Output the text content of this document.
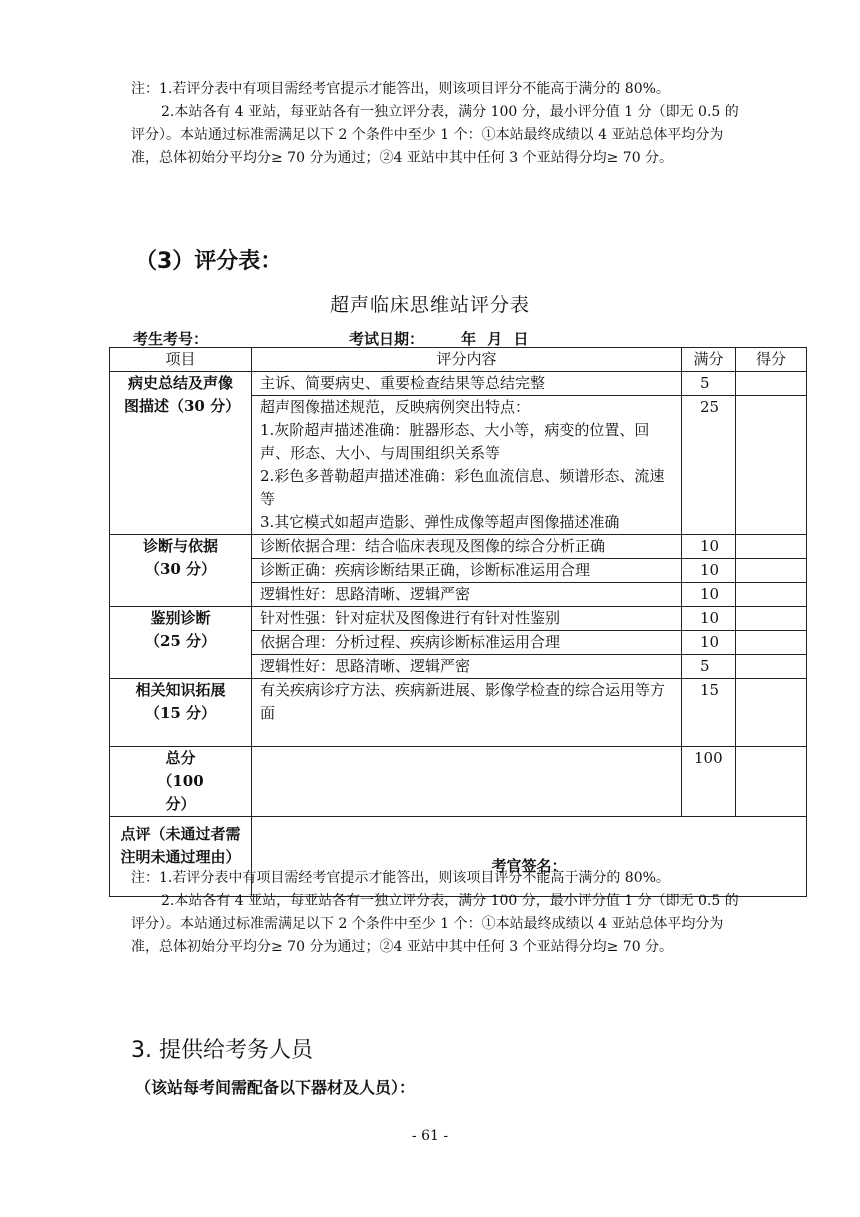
注：1.若评分表中有项目需经考官提示才能答出，则该项目评分不能高于满分的 80%。

2.本站各有 4 亚站，每亚站各有一独立评分表，满分 100 分，最小评分值 1 分（即无 0.5 的评分）。本站通过标准需满足以下 2 个条件中至少 1 个：①本站最终成绩以 4 亚站总体平均分为准，总体初始分平均分≥ 70 分为通过；②4 亚站中其中任何 3 个亚站得分均≥ 70 分。

（3）评分表：
超声临床思维站评分表
考生考号：	考试日期： 年 月 日
项目	评分内容	满分	得分
病史总结及声像图描述（30 分）	主诉、简要病史、重要检查结果等总结完整	5	
	超声图像描述规范，反映病例突出特点：
1.灰阶超声描述准确：脏器形态、大小等，病变的位置、回声、形态、大小、与周围组织关系等
2.彩色多普勒超声描述准确：彩色血流信息、频谱形态、流速等
3.其它模式如超声造影、弹性成像等超声图像描述准确	25	
诊断与依据（30 分）	诊断依据合理：结合临床表现及图像的综合分析正确	10	
	诊断正确：疾病诊断结果正确，诊断标准运用合理	10	
	逻辑性好：思路清晰、逻辑严密	10	
鉴别诊断（25 分）	针对性强：针对症状及图像进行有针对性鉴别	10	
	依据合理：分析过程、疾病诊断标准运用合理	10	
	逻辑性好：思路清晰、逻辑严密	5	
相关知识拓展（15 分）	有关疾病诊疗方法、疾病新进展、影像学检查的综合运用等方面	15	
总分（100 分）		100	
点评（未通过者需注明未通过理由）	考官签名：		

注：1.若评分表中有项目需经考官提示才能答出，则该项目评分不能高于满分的 80%。

2.本站各有 4 亚站，每亚站各有一独立评分表，满分 100 分，最小评分值 1 分（即无 0.5 的评分）。本站通过标准需满足以下 2 个条件中至少 1 个：①本站最终成绩以 4 亚站总体平均分为准，总体初始分平均分≥ 70 分为通过；②4 亚站中其中任何 3 个亚站得分均≥ 70 分。

3. 提供给考务人员
（该站每考间需配备以下器材及人员）：
- 61 -
